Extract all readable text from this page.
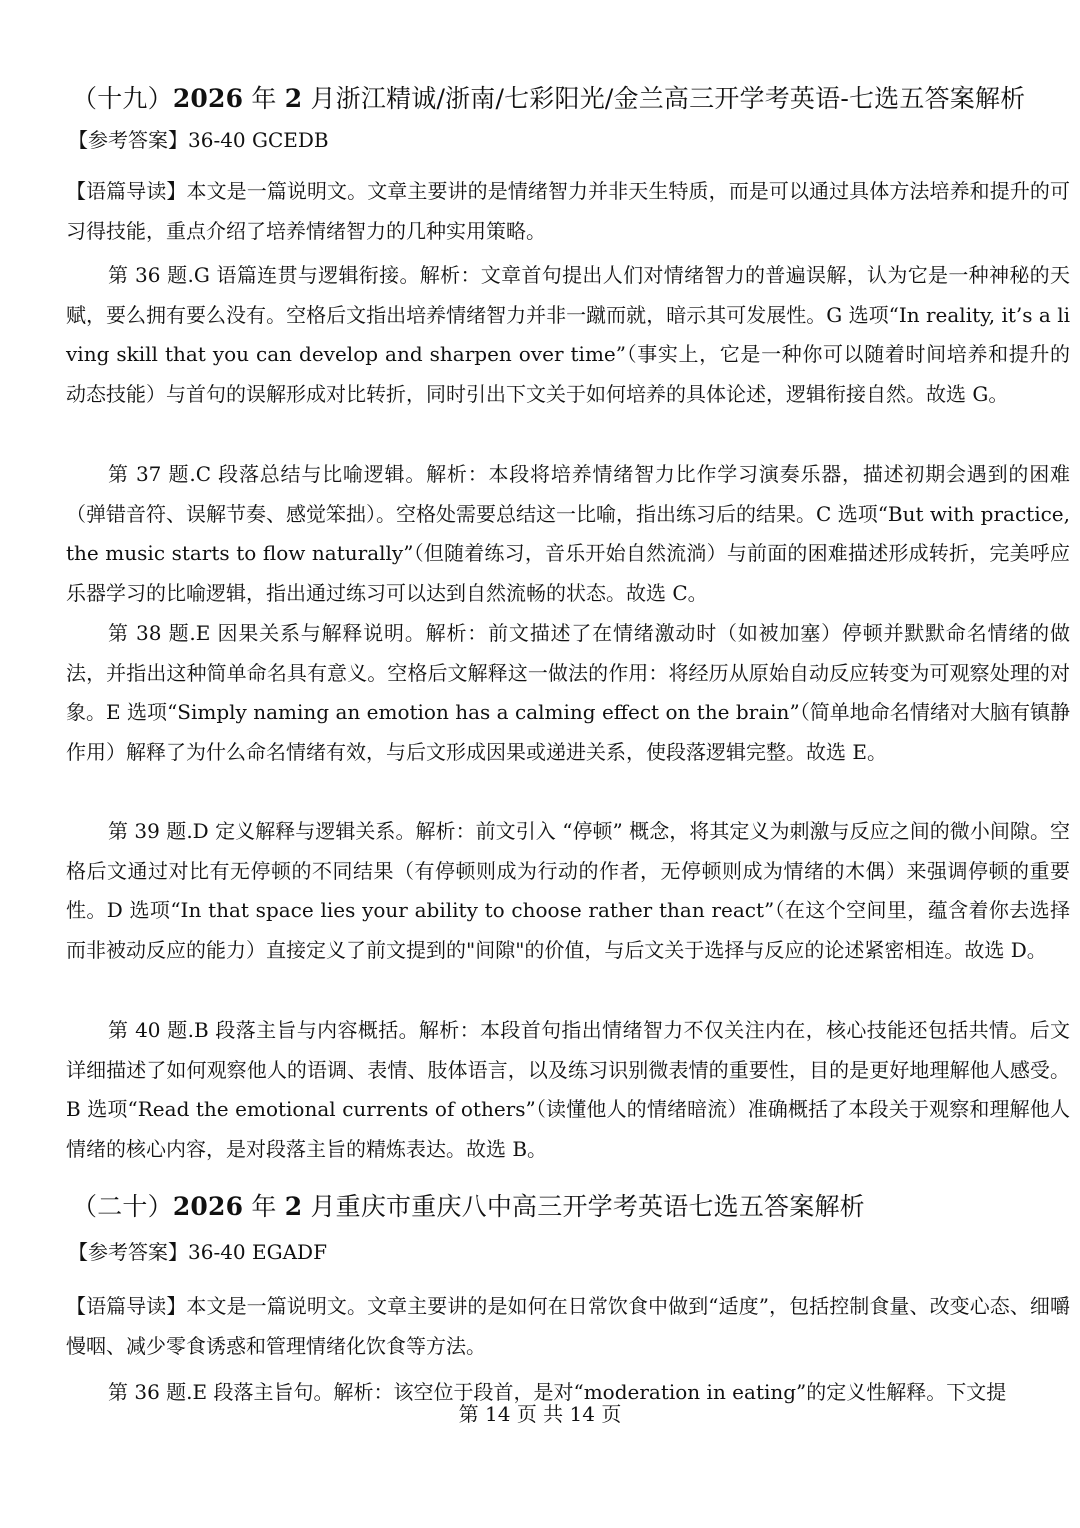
（十九）2026 年 2 月浙江精诚/浙南/七彩阳光/金兰高三开学考英语-七选五答案解析
【参考答案】36-40 GCEDB
【语篇导读】本文是一篇说明文。文章主要讲的是情绪智力并非天生特质，而是可以通过具体方法培养和提升的可习得技能，重点介绍了培养情绪智力的几种实用策略。
第 36 题.G 语篇连贯与逻辑衔接。解析：文章首句提出人们对情绪智力的普遍误解，认为它是一种神秘的天赋，要么拥有要么没有。空格后文指出培养情绪智力并非一蹴而就，暗示其可发展性。G 选项“In reality, it’s a living skill that you can develop and sharpen over time”（事实上，它是一种你可以随着时间培养和提升的动态技能）与首句的误解形成对比转折，同时引出下文关于如何培养的具体论述，逻辑衔接自然。故选 G。
第 37 题.C 段落总结与比喻逻辑。解析：本段将培养情绪智力比作学习演奏乐器，描述初期会遇到的困难（弹错音符、误解节奏、感觉笨拙）。空格处需要总结这一比喻，指出练习后的结果。C 选项“But with practice, the music starts to flow naturally”（但随着练习，音乐开始自然流淌）与前面的困难描述形成转折，完美呼应乐器学习的比喻逻辑，指出通过练习可以达到自然流畅的状态。故选 C。
第 38 题.E 因果关系与解释说明。解析：前文描述了在情绪激动时（如被加塞）停顿并默默命名情绪的做法，并指出这种简单命名具有意义。空格后文解释这一做法的作用：将经历从原始自动反应转变为可观察处理的对象。E 选项“Simply naming an emotion has a calming effect on the brain”（简单地命名情绪对大脑有镇静作用）解释了为什么命名情绪有效，与后文形成因果或递进关系，使段落逻辑完整。故选 E。
第 39 题.D 定义解释与逻辑关系。解析：前文引入 “停顿” 概念，将其定义为刺激与反应之间的微小间隙。空格后文通过对比有无停顿的不同结果（有停顿则成为行动的作者，无停顿则成为情绪的木偶）来强调停顿的重要性。D 选项“In that space lies your ability to choose rather than react”（在这个空间里，蕴含着你去选择而非被动反应的能力）直接定义了前文提到的"间隙"的价值，与后文关于选择与反应的论述紧密相连。故选 D。
第 40 题.B 段落主旨与内容概括。解析：本段首句指出情绪智力不仅关注内在，核心技能还包括共情。后文详细描述了如何观察他人的语调、表情、肢体语言，以及练习识别微表情的重要性，目的是更好地理解他人感受。B 选项“Read the emotional currents of others”（读懂他人的情绪暗流）准确概括了本段关于观察和理解他人情绪的核心内容，是对段落主旨的精炼表达。故选 B。
（二十）2026 年 2 月重庆市重庆八中高三开学考英语七选五答案解析
【参考答案】36-40 EGADF
【语篇导读】本文是一篇说明文。文章主要讲的是如何在日常饮食中做到“适度”，包括控制食量、改变心态、细嚼慢咽、减少零食诱惑和管理情绪化饮食等方法。
第 36 题.E 段落主旨句。解析：该空位于段首，是对“moderation in eating”的定义性解释。下文提
第 14 页 共 14 页
